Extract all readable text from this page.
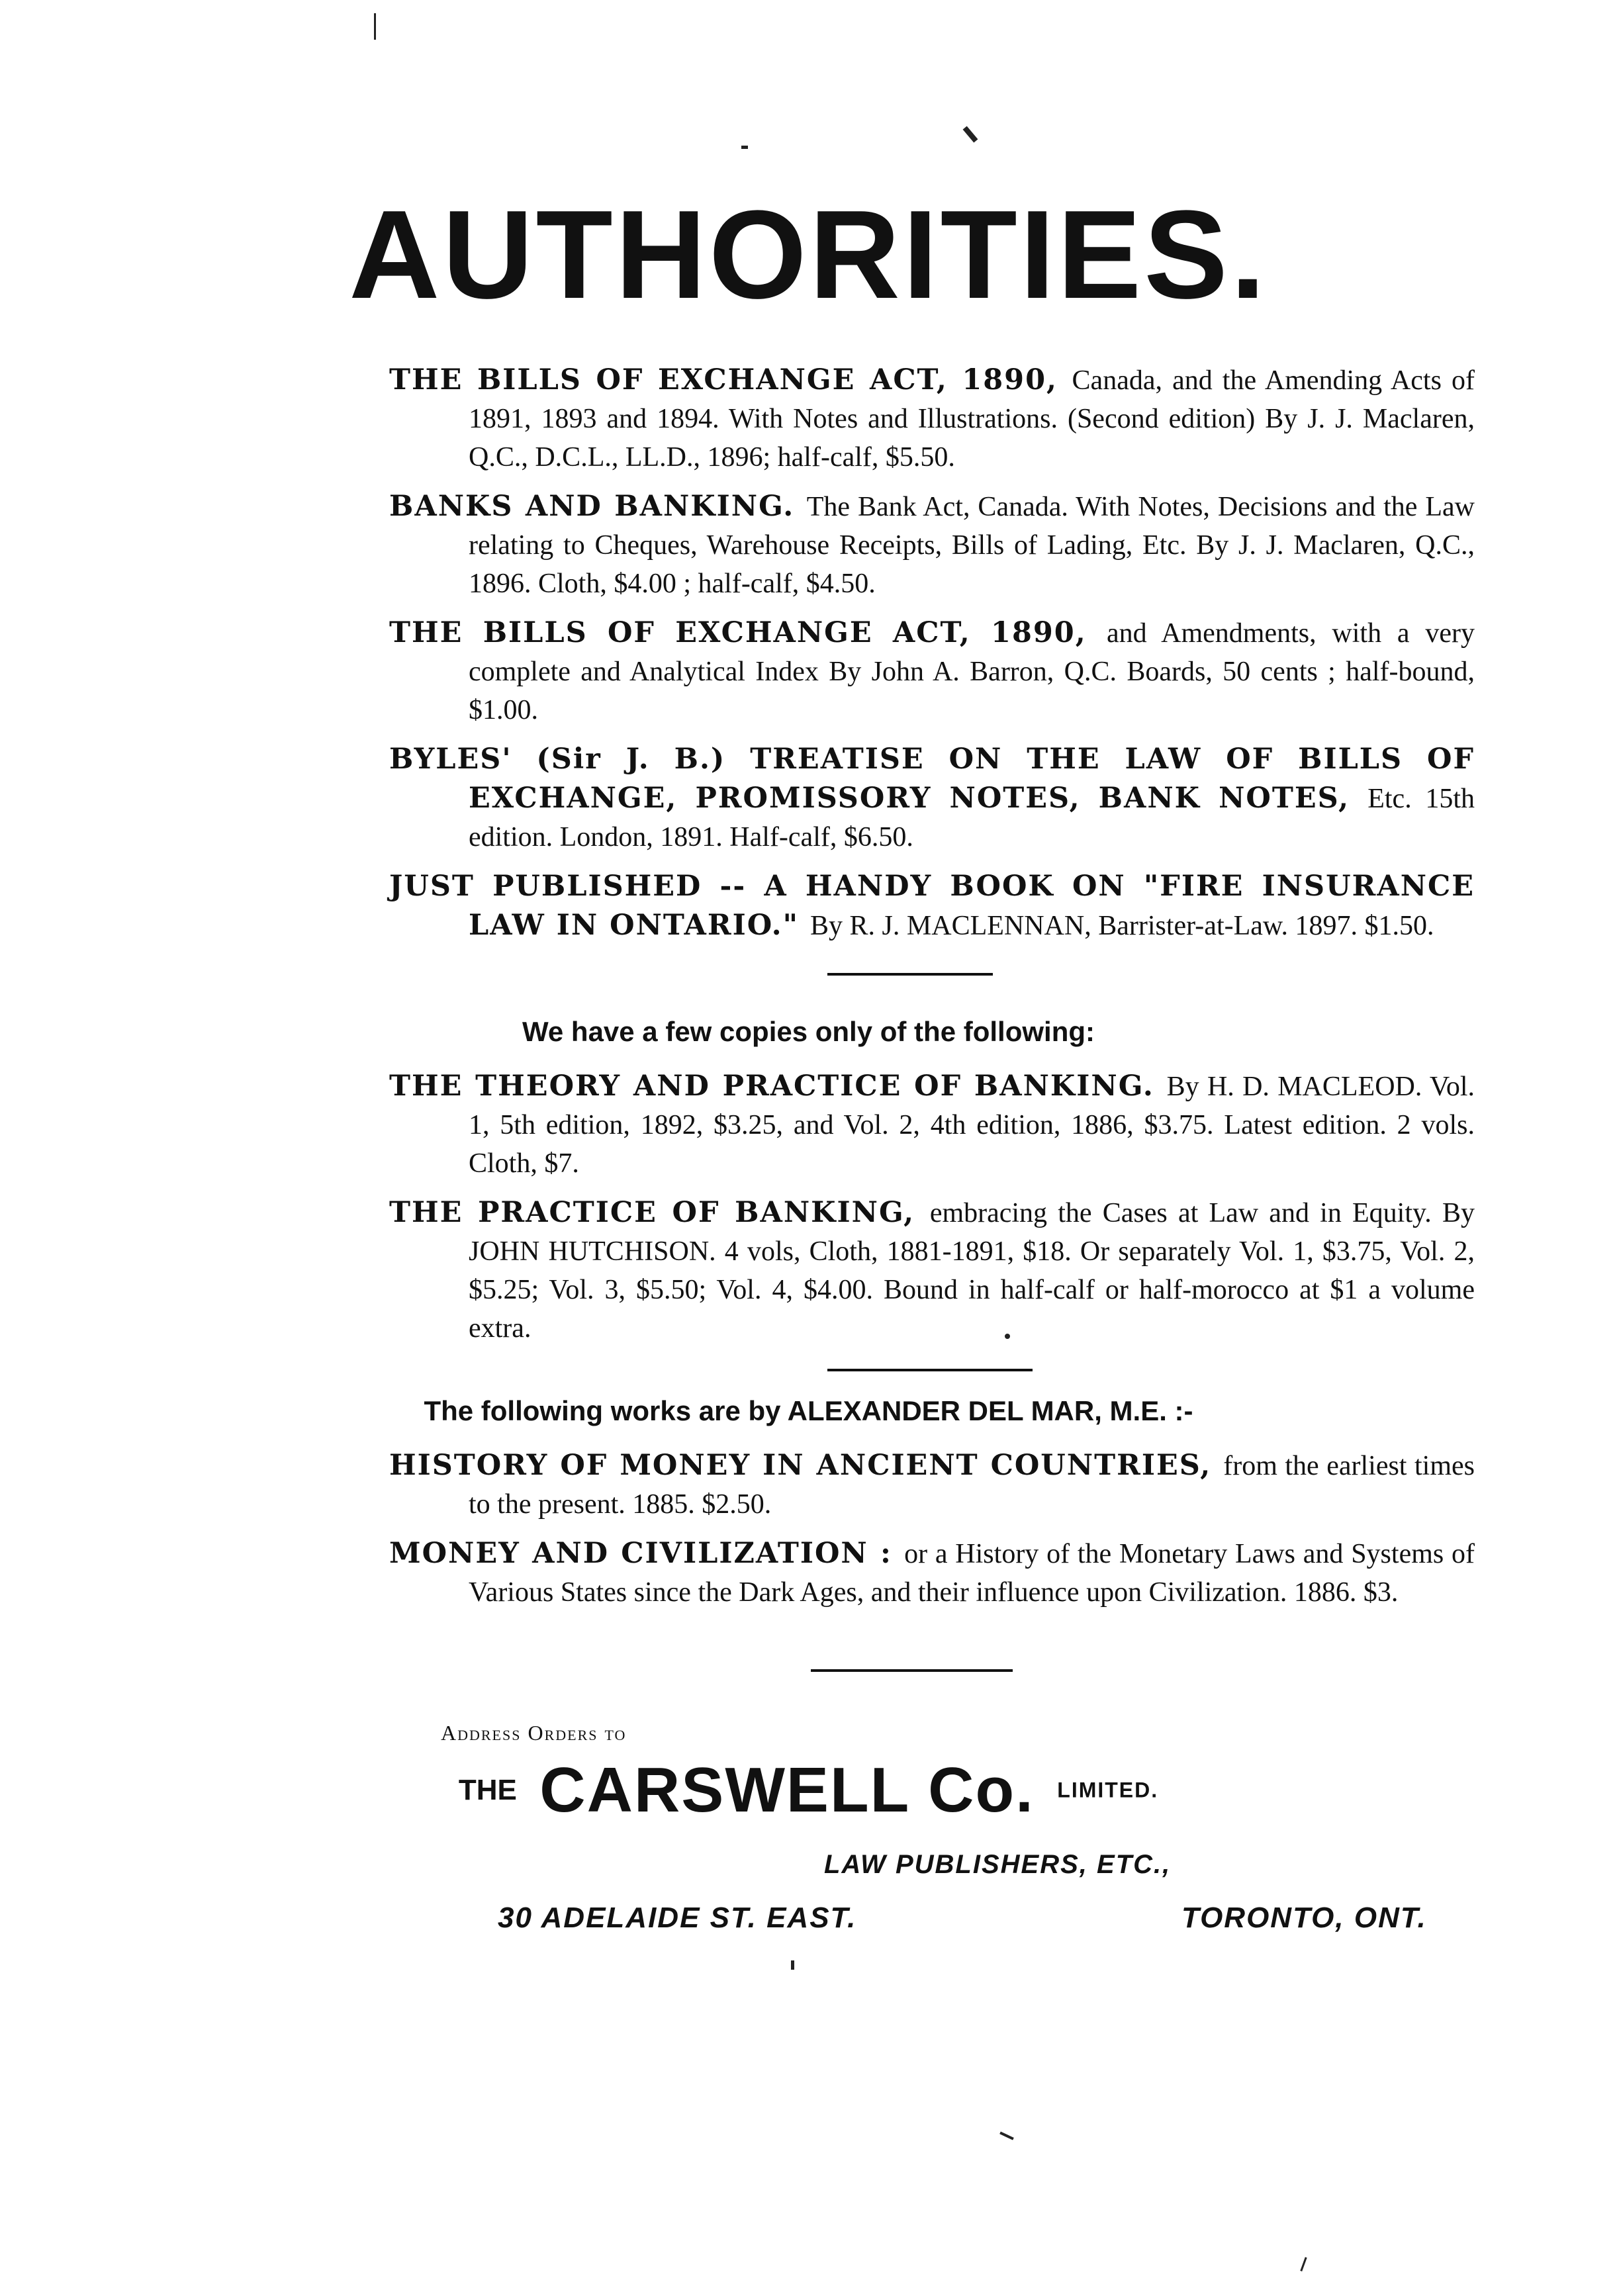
AUTHORITIES.
THE BILLS OF EXCHANGE ACT, 1890, Canada, and the Amending Acts of 1891, 1893 and 1894. With Notes and Illustrations. (Second edition) By J. J. Maclaren, Q.C., D.C.L., LL.D., 1896; half-calf, $5.50.
BANKS AND BANKING. The Bank Act, Canada. With Notes, Decisions and the Law relating to Cheques, Warehouse Receipts, Bills of Lading, Etc. By J. J. Maclaren, Q.C., 1896. Cloth, $4.00 ; half-calf, $4.50.
THE BILLS OF EXCHANGE ACT, 1890, and Amendments, with a very complete and Analytical Index By John A. Barron, Q.C. Boards, 50 cents ; half-bound, $1.00.
BYLES' (Sir J. B.) TREATISE ON THE LAW OF BILLS OF EXCHANGE, PROMISSORY NOTES, BANK NOTES, Etc. 15th edition. London, 1891. Half-calf, $6.50.
JUST PUBLISHED -- A HANDY BOOK ON "FIRE INSURANCE LAW IN ONTARIO." By R. J. MACLENNAN, Barrister-at-Law. 1897. $1.50.
We have a few copies only of the following:
THE THEORY AND PRACTICE OF BANKING. By H. D. MACLEOD. Vol. 1, 5th edition, 1892, $3.25, and Vol. 2, 4th edition, 1886, $3.75. Latest edition. 2 vols. Cloth, $7.
THE PRACTICE OF BANKING, embracing the Cases at Law and in Equity. By JOHN HUTCHISON. 4 vols, Cloth, 1881-1891, $18. Or separately Vol. 1, $3.75, Vol. 2, $5.25; Vol. 3, $5.50; Vol. 4, $4.00. Bound in half-calf or half-morocco at $1 a volume extra.
The following works are by ALEXANDER DEL MAR, M.E. :-
HISTORY OF MONEY IN ANCIENT COUNTRIES, from the earliest times to the present. 1885. $2.50.
MONEY AND CIVILIZATION : or a History of the Monetary Laws and Systems of Various States since the Dark Ages, and their influence upon Civilization. 1886. $3.
Address Orders to
THE CARSWELL Co. LIMITED.
LAW PUBLISHERS, ETC.,
30 ADELAIDE ST. EAST.	TORONTO, ONT.
